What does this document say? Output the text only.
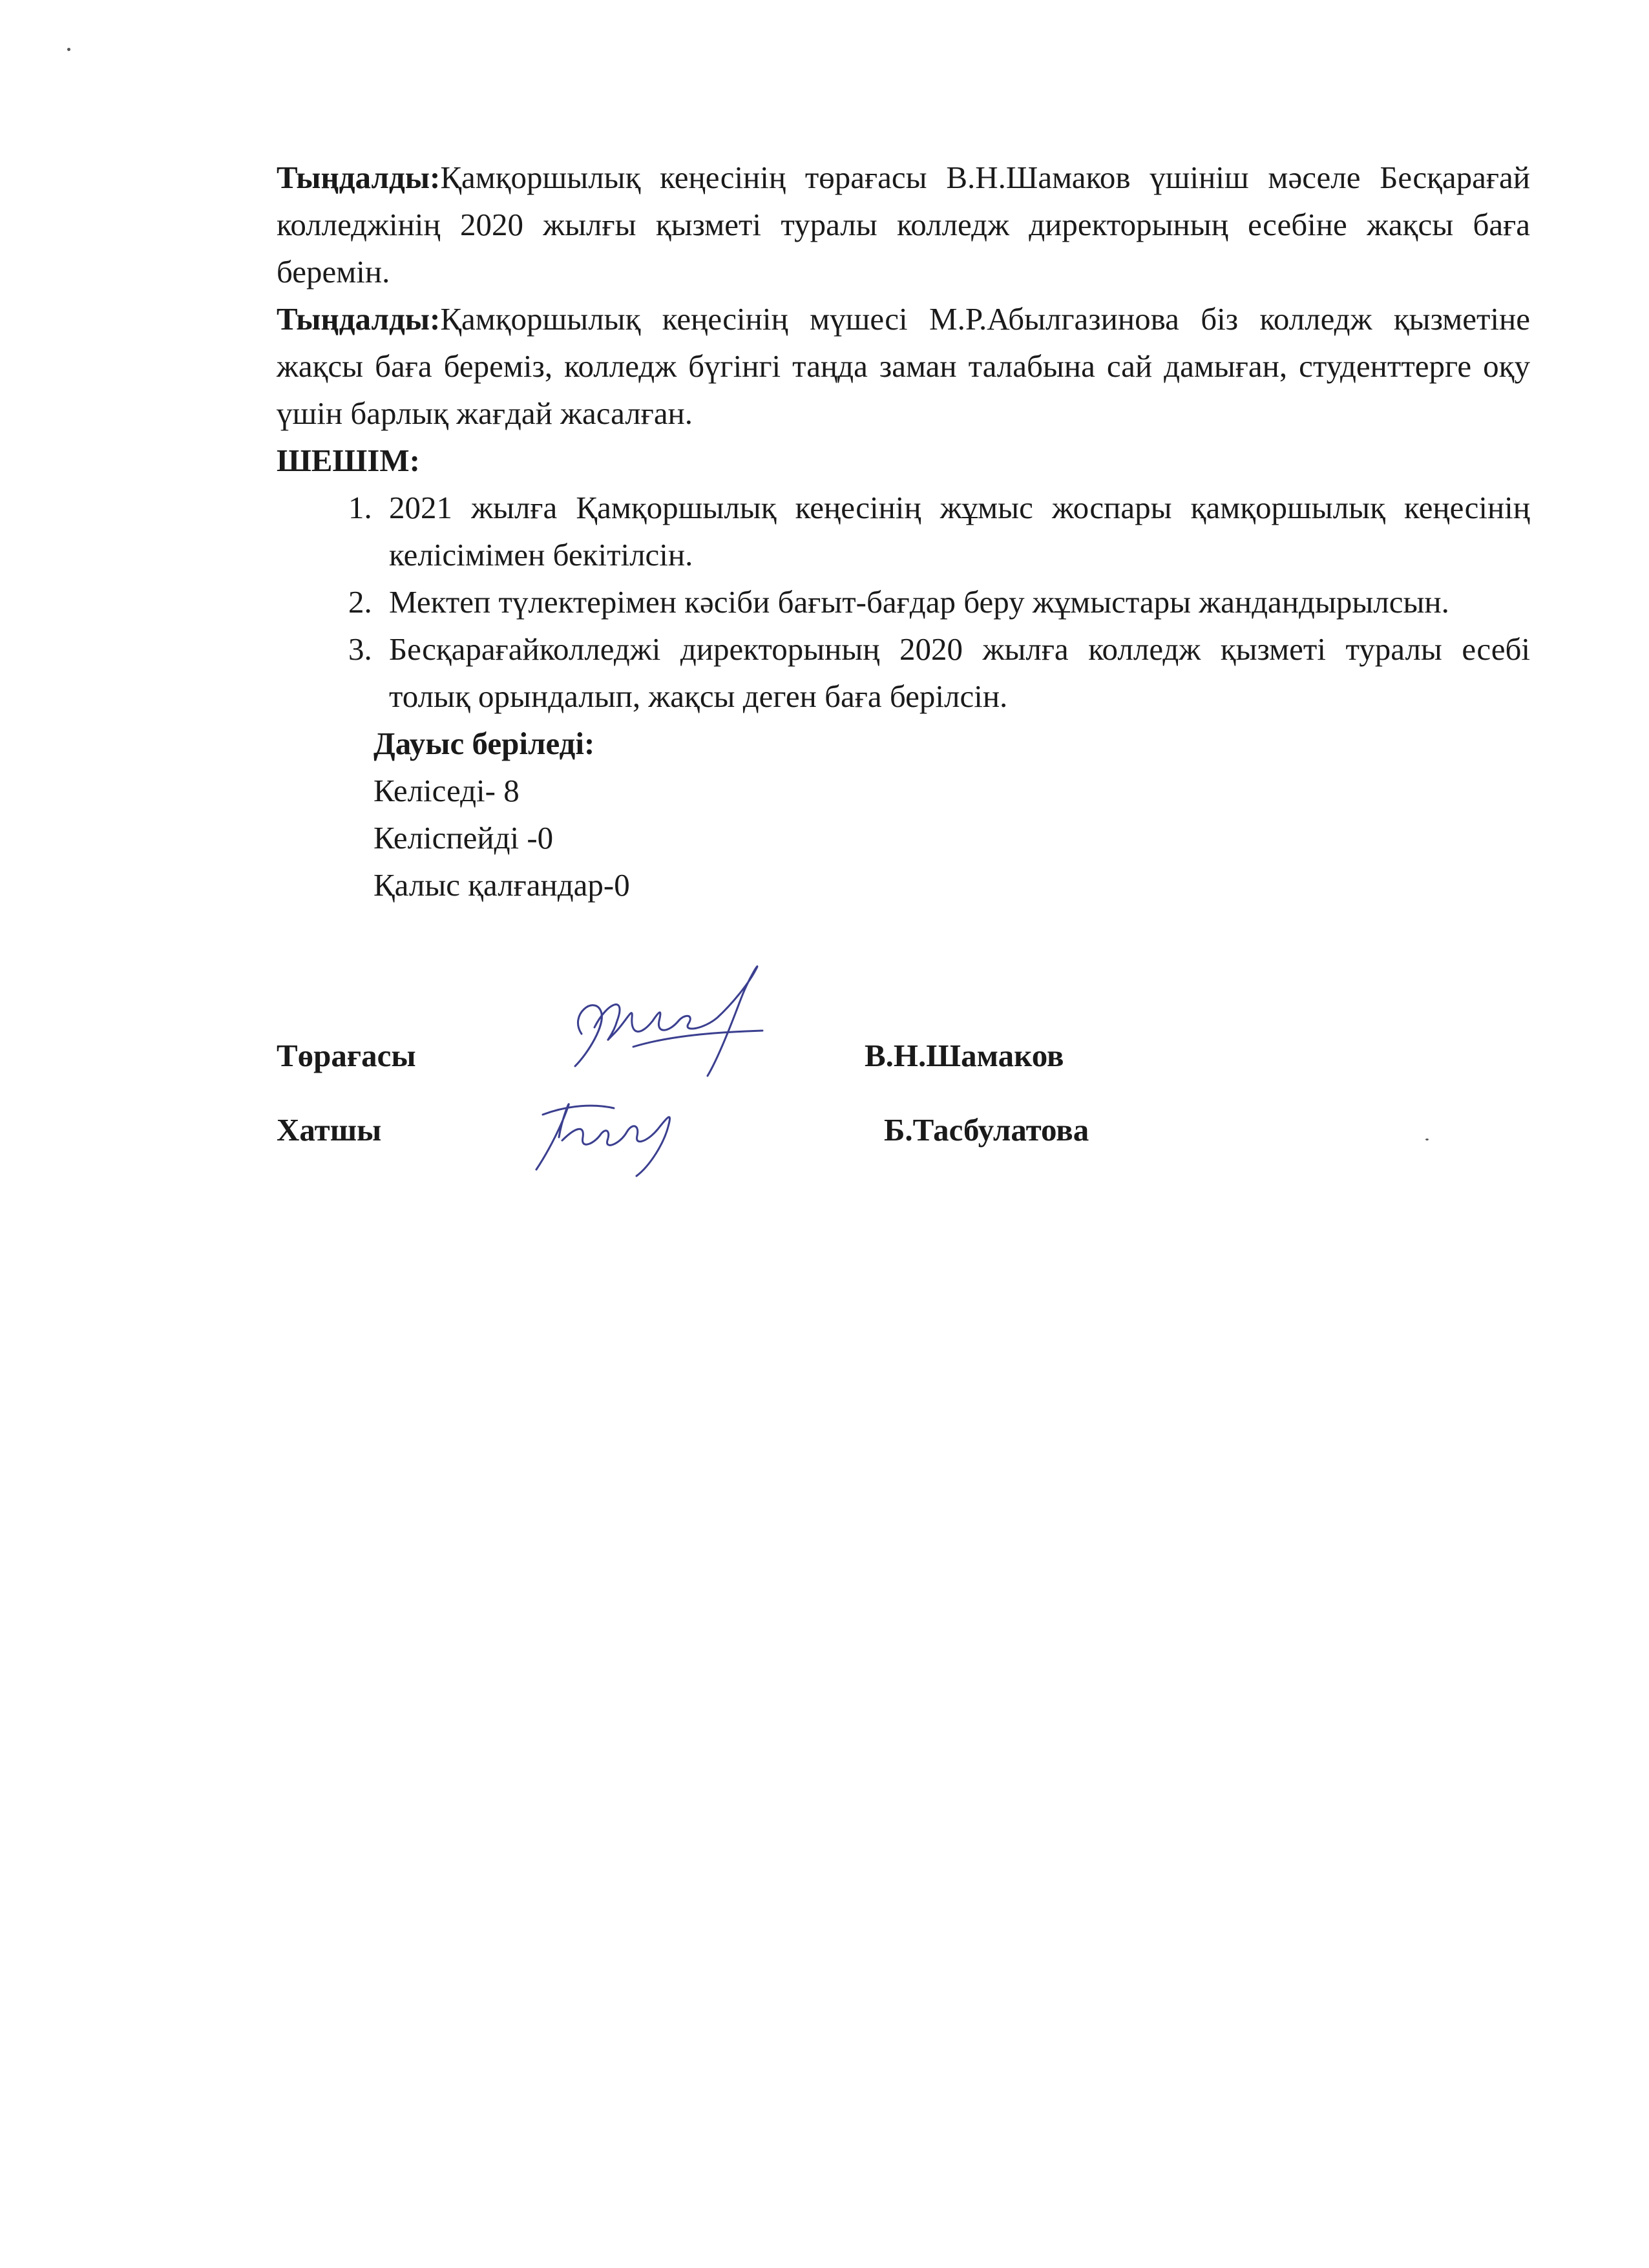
Тыңдалды:Қамқоршылық кеңесінің төрағасы В.Н.Шамаков үшініш мәселе Бесқарағай колледжінің 2020 жылғы қызметі туралы колледж директорының есебіне жақсы баға беремін.

Тыңдалды:Қамқоршылық кеңесінің мүшесі М.Р.Абылгазинова біз колледж қызметіне жақсы баға береміз, колледж бүгінгі таңда заман талабына сай дамыған, студенттерге оқу үшін барлық жағдай жасалған.

ШЕШІМ:

1. 2021 жылға Қамқоршылық кеңесінің жұмыс жоспары қамқоршылық кеңесінің келісімімен бекітілсін.
2. Мектеп түлектерімен кәсіби бағыт-бағдар беру жұмыстары жандандырылсын.
3. Бесқарағайколледжі директорының 2020 жылға колледж қызметі туралы есебі толық орындалып, жақсы деген баға берілсін.
Дауыс беріледі:
Келіседі- 8
Келіспейді -0
Қалыс қалғандар-0
Төрағасы	В.Н.Шамаков
Хатшы	Б.Тасбулатова
